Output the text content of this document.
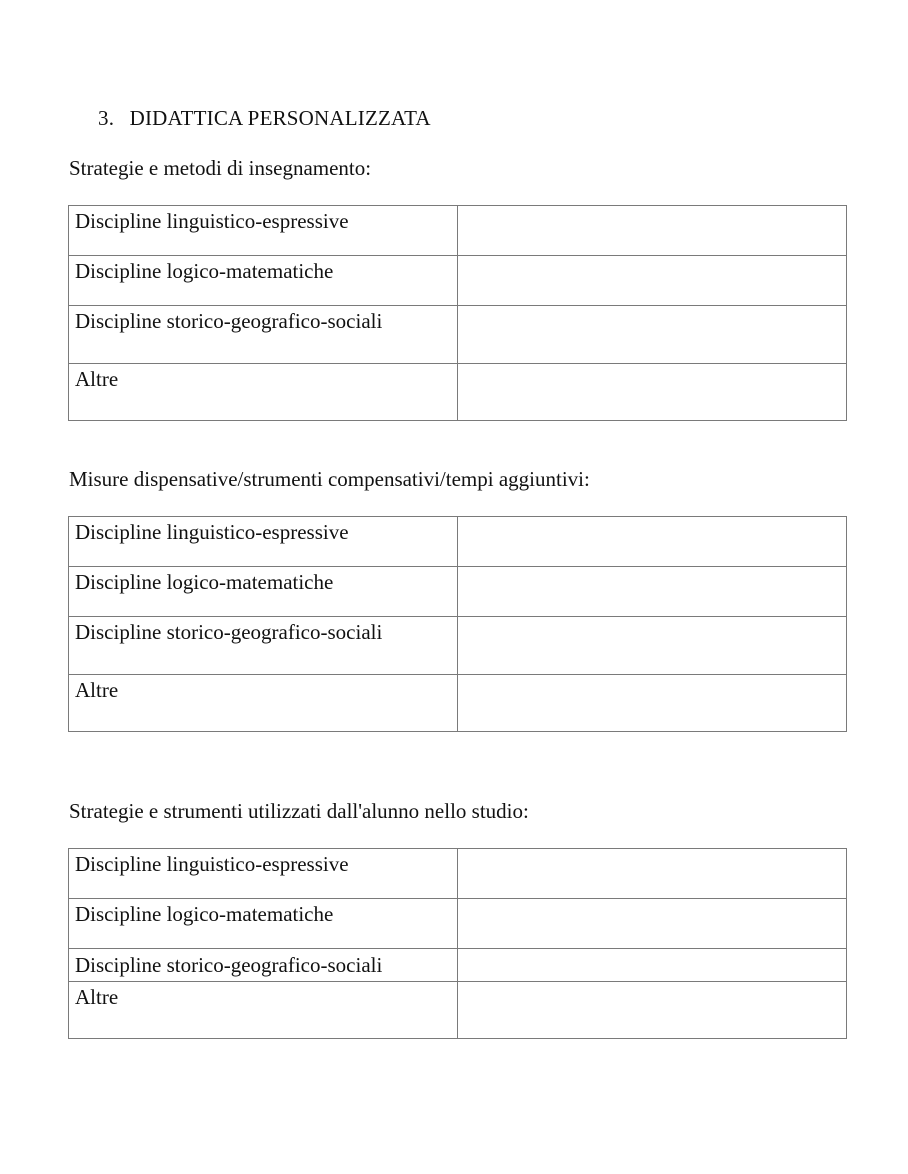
3. DIDATTICA PERSONALIZZATA
Strategie e metodi di insegnamento:
Discipline linguistico-espressive	
Discipline logico-matematiche	
Discipline storico-geografico-sociali	
Altre	
Misure dispensative/strumenti compensativi/tempi aggiuntivi:
Discipline linguistico-espressive	
Discipline logico-matematiche	
Discipline storico-geografico-sociali	
Altre	
Strategie e strumenti utilizzati dall'alunno nello studio:
Discipline linguistico-espressive	
Discipline logico-matematiche	
Discipline storico-geografico-sociali	
Altre	
